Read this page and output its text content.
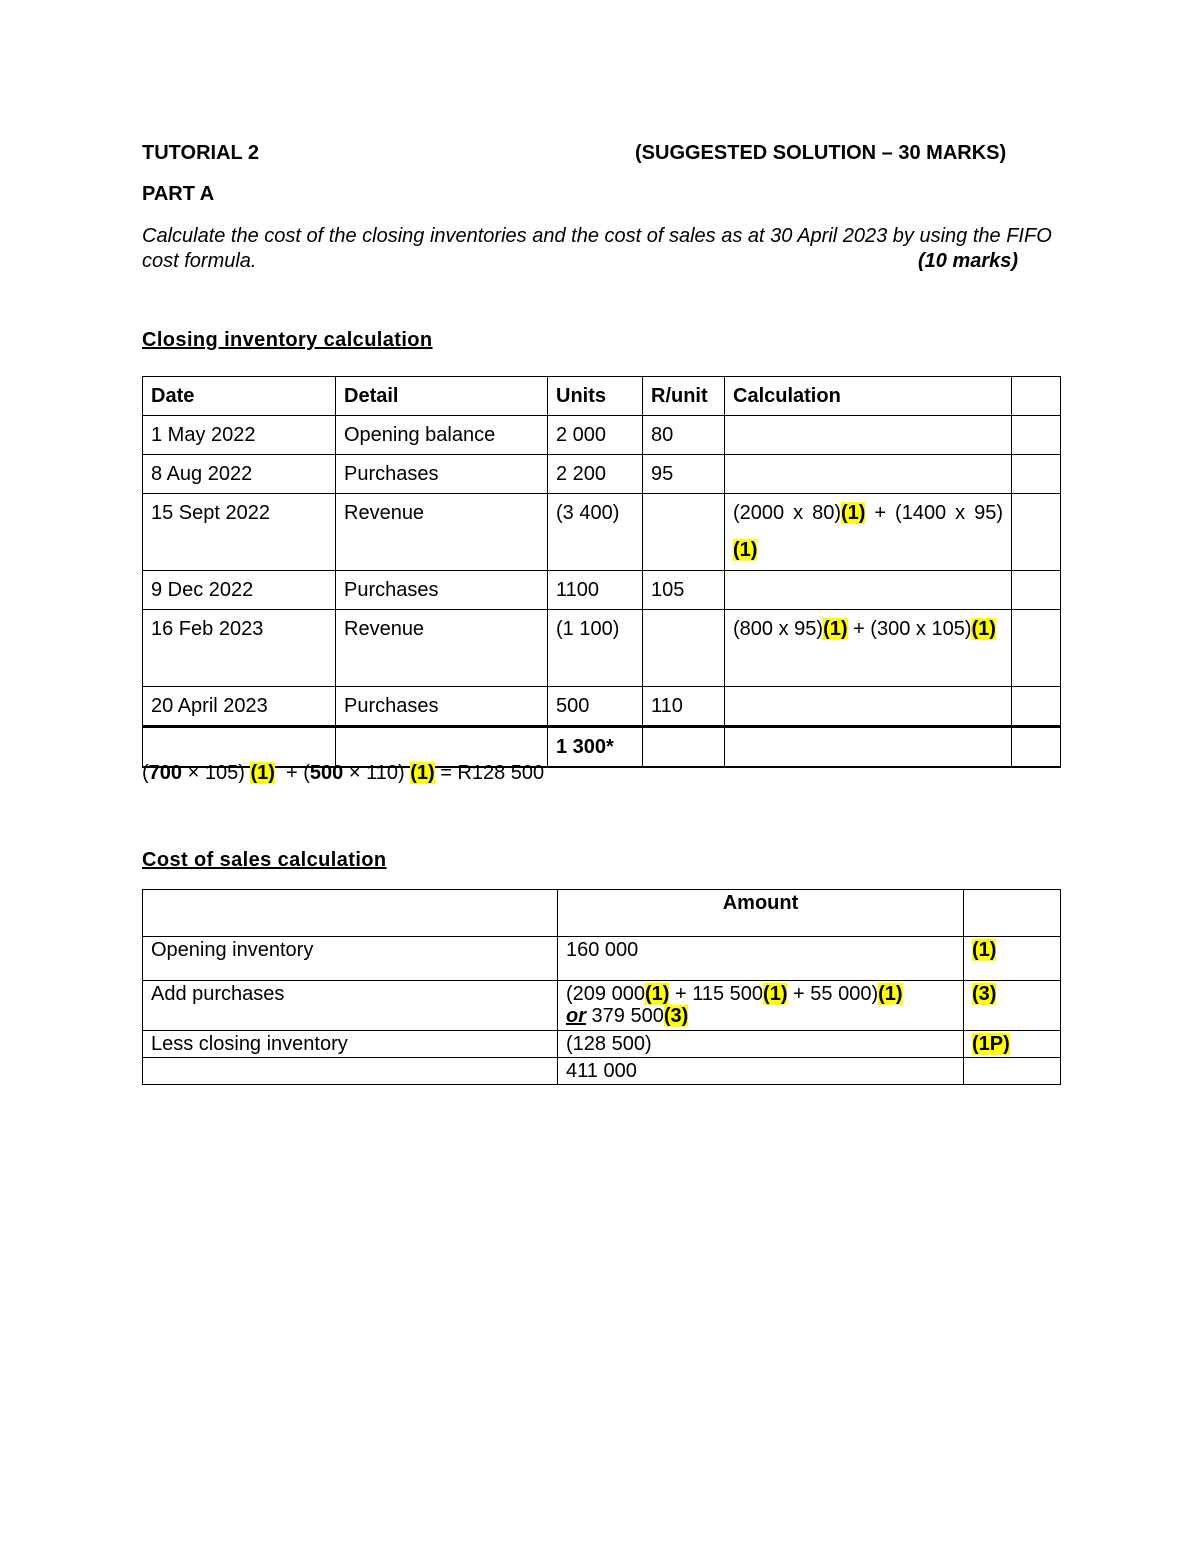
TUTORIAL 2	(SUGGESTED SOLUTION – 30 MARKS)
PART A
Calculate the cost of the closing inventories and the cost of sales as at 30 April 2023 by using the FIFO cost formula.	(10 marks)
Closing inventory calculation
Date	Detail	Units	R/unit	Calculation	
1 May 2022	Opening balance	2 000	80		
8 Aug 2022	Purchases	2 200	95		
15 Sept 2022	Revenue	(3 400)		(2000 x 80)(1) + (1400 x 95)(1)	

9 Dec 2022	Purchases	1100	105		
16 Feb 2023	Revenue	(1 100)		(800 x 95)(1) + (300 x 105)(1)	

20 April 2023	Purchases	500	110		
		1 300*			
(700 × 105) (1)  + (500 × 110) (1) = R128 500
Cost of sales calculation
	Amount	
Opening inventory	160 000	(1)
Add purchases	(209 000(1) + 115 500(1) + 55 000)(1)
or 379 500(3)	(3)
Less closing inventory	(128 500)	(1P)
	411 000	
